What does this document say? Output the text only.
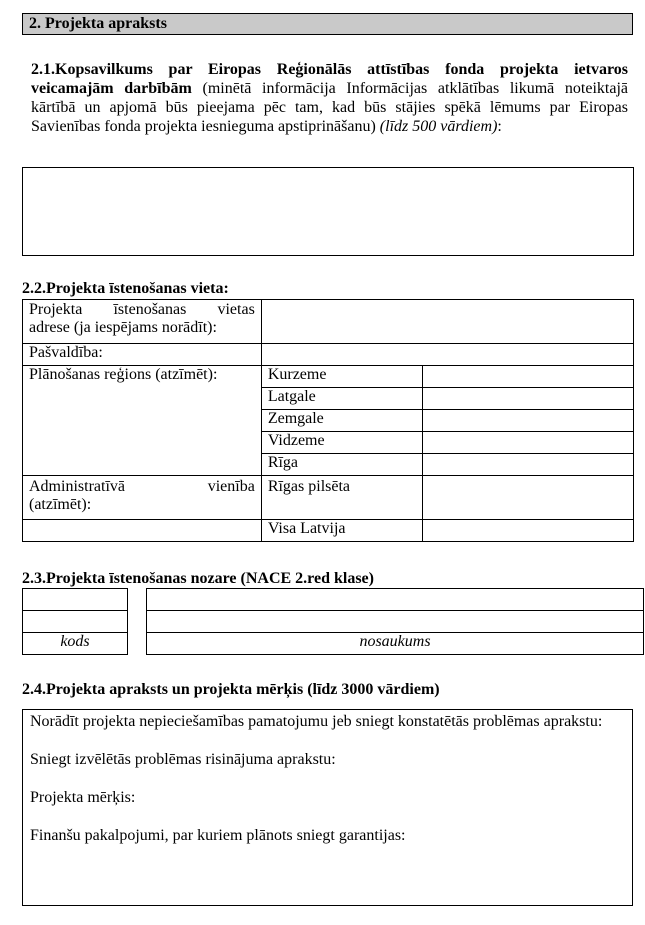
2. Projekta apraksts
2.1.Kopsavilkums par Eiropas Reģionālās attīstības fonda projekta ietvaros veicamajām darbībām (minētā informācija Informācijas atklātības likumā noteiktajā kārtībā un apjomā būs pieejama pēc tam, kad būs stājies spēkā lēmums par Eiropas Savienības fonda projekta iesnieguma apstiprināšanu) (līdz 500 vārdiem):
2.2.Projekta īstenošanas vieta:
Projekta īstenošanas vietas
adrese (ja iespējams norādīt):		

Pašvaldība:		
Plānošanas reģions (atzīmēt):	Kurzeme	
	Latgale	
	Zemgale	
	Vidzeme	
	Rīga	

Administratīvā vienība
(atzīmēt):	Rīgas pilsēta	
	Visa Latvija	
2.3.Projekta īstenošanas nozare (NACE 2.red klase)
kods	nosaukums
2.4.Projekta apraksts un projekta mērķis (līdz 3000 vārdiem)
Norādīt projekta nepieciešamības pamatojumu jeb sniegt konstatētās problēmas aprakstu:
Sniegt izvēlētās problēmas risinājuma aprakstu:
Projekta mērķis:
Finanšu pakalpojumi, par kuriem plānots sniegt garantijas:
